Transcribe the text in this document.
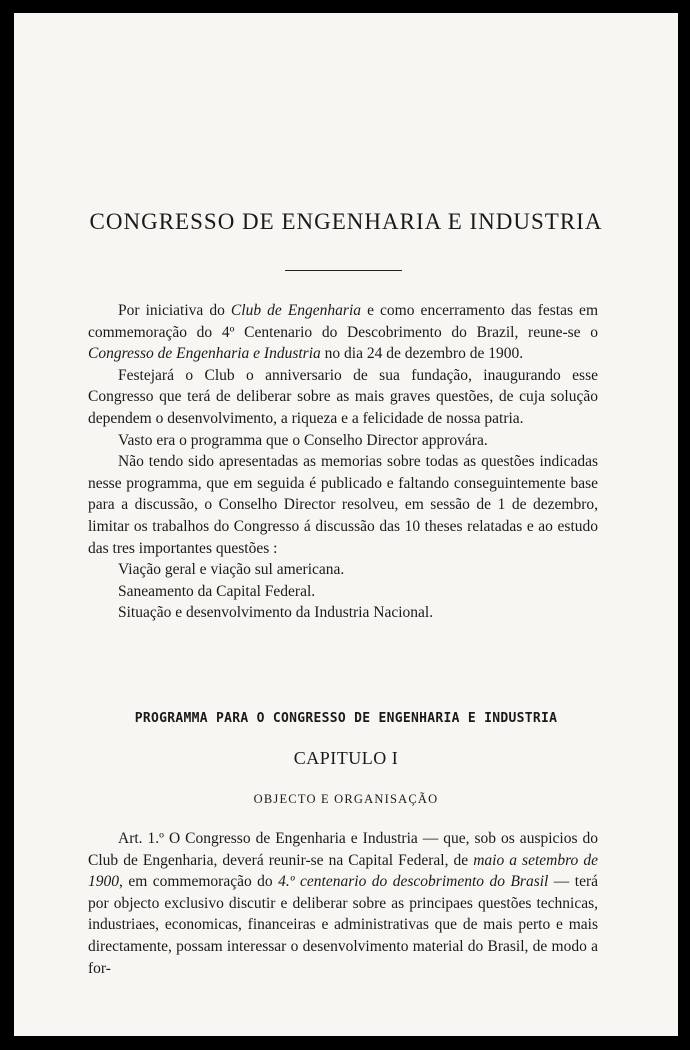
CONGRESSO DE ENGENHARIA E INDUSTRIA

Por iniciativa do Club de Engenharia e como encerramento das festas em commemoração do 4º Centenario do Descobrimento do Brazil, reune-se o Congresso de Engenharia e Industria no dia 24 de dezembro de 1900.

Festejará o Club o anniversario de sua fundação, inaugurando esse Congresso que terá de deliberar sobre as mais graves questões, de cuja solução dependem o desenvolvimento, a riqueza e a felicidade de nossa patria.

Vasto era o programma que o Conselho Director approvára.

Não tendo sido apresentadas as memorias sobre todas as questões indicadas nesse programma, que em seguida é publicado e faltando conseguintemente base para a discussão, o Conselho Director resolveu, em sessão de 1 de dezembro, limitar os trabalhos do Congresso á discussão das 10 theses relatadas e ao estudo das tres importantes questões :

Viação geral e viação sul americana.

Saneamento da Capital Federal.

Situação e desenvolvimento da Industria Nacional.

PROGRAMMA PARA O CONGRESSO DE ENGENHARIA E INDUSTRIA
CAPITULO I
OBJECTO E ORGANISAÇÃO

Art. 1.º O Congresso de Engenharia e Industria — que, sob os auspicios do Club de Engenharia, deverá reunir-se na Capital Federal, de maio a setembro de 1900, em commemoração do 4.º centenario do descobrimento do Brasil — terá por objecto exclusivo discutir e deliberar sobre as principaes questões technicas, industriaes, economicas, financeiras e administrativas que de mais perto e mais directamente, possam interessar o desenvolvimento material do Brasil, de modo a for-
